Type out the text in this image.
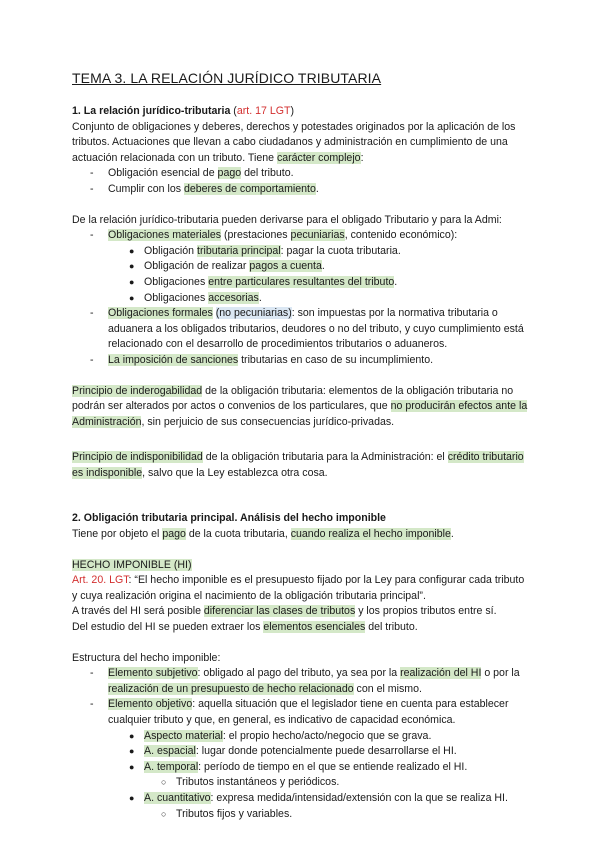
TEMA 3. LA RELACIÓN JURÍDICO TRIBUTARIA

1. La relación jurídico-tributaria (art. 17 LGT)

Conjunto de obligaciones y deberes, derechos y potestades originados por la aplicación de los tributos. Actuaciones que llevan a cabo ciudadanos y administración en cumplimiento de una actuación relacionada con un tributo. Tiene carácter complejo:

- Obligación esencial de pago del tributo.
- Cumplir con los deberes de comportamiento.

De la relación jurídico-tributaria pueden derivarse para el obligado Tributario y para la Admi:

- Obligaciones materiales (prestaciones pecuniarias, contenido económico):
● Obligación tributaria principal: pagar la cuota tributaria.
● Obligación de realizar pagos a cuenta.
● Obligaciones entre particulares resultantes del tributo.
● Obligaciones accesorias.
- Obligaciones formales (no pecuniarias): son impuestas por la normativa tributaria o aduanera a los obligados tributarios, deudores o no del tributo, y cuyo cumplimiento está relacionado con el desarrollo de procedimientos tributarios o aduaneros.
- La imposición de sanciones tributarias en caso de su incumplimiento.

Principio de inderogabilidad de la obligación tributaria: elementos de la obligación tributaria no podrán ser alterados por actos o convenios de los particulares, que no producirán efectos ante la Administración, sin perjuicio de sus consecuencias jurídico-privadas.

Principio de indisponibilidad de la obligación tributaria para la Administración: el crédito tributario es indisponible, salvo que la Ley establezca otra cosa.

2. Obligación tributaria principal. Análisis del hecho imponible

Tiene por objeto el pago de la cuota tributaria, cuando realiza el hecho imponible.

HECHO IMPONIBLE (HI)

Art. 20. LGT: “El hecho imponible es el presupuesto fijado por la Ley para configurar cada tributo y cuya realización origina el nacimiento de la obligación tributaria principal”.

A través del HI será posible diferenciar las clases de tributos y los propios tributos entre sí.

Del estudio del HI se pueden extraer los elementos esenciales del tributo.

Estructura del hecho imponible:

- Elemento subjetivo: obligado al pago del tributo, ya sea por la realización del HI o por la realización de un presupuesto de hecho relacionado con el mismo.
- Elemento objetivo: aquella situación que el legislador tiene en cuenta para establecer cualquier tributo y que, en general, es indicativo de capacidad económica.
● Aspecto material: el propio hecho/acto/negocio que se grava.
● A. espacial: lugar donde potencialmente puede desarrollarse el HI.
● A. temporal: período de tiempo en el que se entiende realizado el HI.
○ Tributos instantáneos y periódicos.
● A. cuantitativo: expresa medida/intensidad/extensión con la que se realiza HI.
○ Tributos fijos y variables.
